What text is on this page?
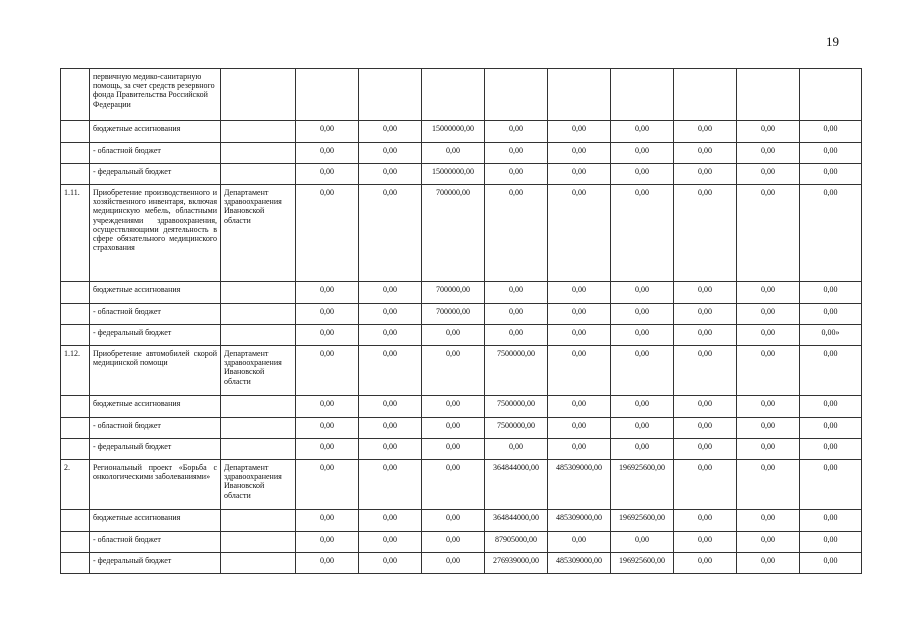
19
	первичную медико-санитарную помощь, за счет средств резервного фонда Правительства Российской Федерации										
	бюджетные ассигнования		0,00	0,00	15000000,00	0,00	0,00	0,00	0,00	0,00	0,00
	- областной бюджет		0,00	0,00	0,00	0,00	0,00	0,00	0,00	0,00	0,00
	- федеральный бюджет		0,00	0,00	15000000,00	0,00	0,00	0,00	0,00	0,00	0,00
1.11.	Приобретение производственного и хозяйственного инвентаря, включая медицинскую мебель, областными учреждениями здравоохранения, осуществляющими деятельность в сфере обязательного медицинского страхования	Департамент здравоохранения Ивановской области	0,00	0,00	700000,00	0,00	0,00	0,00	0,00	0,00	0,00
	бюджетные ассигнования		0,00	0,00	700000,00	0,00	0,00	0,00	0,00	0,00	0,00
	- областной бюджет		0,00	0,00	700000,00	0,00	0,00	0,00	0,00	0,00	0,00
	- федеральный бюджет		0,00	0,00	0,00	0,00	0,00	0,00	0,00	0,00	0,00»
1.12.	Приобретение автомобилей скорой медицинской помощи	Департамент здравоохранения Ивановской области	0,00	0,00	0,00	7500000,00	0,00	0,00	0,00	0,00	0,00
	бюджетные ассигнования		0,00	0,00	0,00	7500000,00	0,00	0,00	0,00	0,00	0,00
	- областной бюджет		0,00	0,00	0,00	7500000,00	0,00	0,00	0,00	0,00	0,00
	- федеральный бюджет		0,00	0,00	0,00	0,00	0,00	0,00	0,00	0,00	0,00
2.	Региональный проект «Борьба с онкологическими заболеваниями»	Департамент здравоохранения Ивановской области	0,00	0,00	0,00	364844000,00	485309000,00	196925600,00	0,00	0,00	0,00
	бюджетные ассигнования		0,00	0,00	0,00	364844000,00	485309000,00	196925600,00	0,00	0,00	0,00
	- областной бюджет		0,00	0,00	0,00	87905000,00	0,00	0,00	0,00	0,00	0,00
	- федеральный бюджет		0,00	0,00	0,00	276939000,00	485309000,00	196925600,00	0,00	0,00	0,00
